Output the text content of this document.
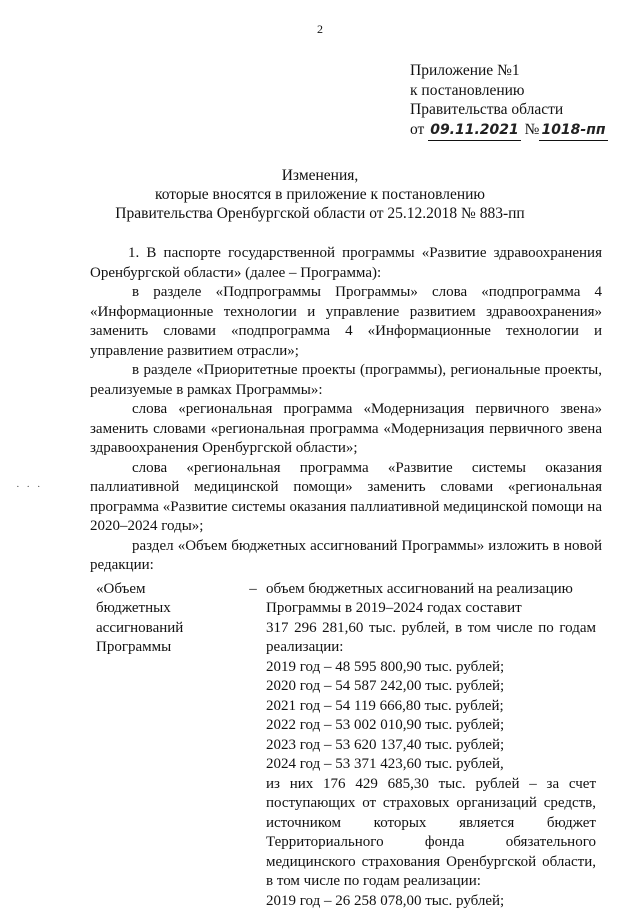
2
Приложение №1
к постановлению
Правительства области
от 09.11.2021 № 1018-пп
Изменения,
которые вносятся в приложение к постановлению
Правительства Оренбургской области от 25.12.2018 № 883-пп
· · ·

1. В паспорте государственной программы «Развитие здравоохранения Оренбургской области» (далее – Программа):

в разделе «Подпрограммы Программы» слова «подпрограмма 4 «Информационные технологии и управление развитием здравоохранения» заменить словами «подпрограмма 4 «Информационные технологии и управление развитием отрасли»;

в разделе «Приоритетные проекты (программы), региональные проекты, реализуемые в рамках Программы»:

слова «региональная программа «Модернизация первичного звена» заменить словами «региональная программа «Модернизация первичного звена здравоохранения Оренбургской области»;

слова «региональная программа «Развитие системы оказания паллиативной медицинской помощи» заменить словами «региональная программа «Развитие системы оказания паллиативной медицинской помощи на 2020–2024 годы»;

раздел «Объем бюджетных ассигнований Программы» изложить в новой редакции:

«Объем
бюджетных
ассигнований
Программы
– объем бюджетных ассигнований на реализацию

Программы в 2019–2024 годах составит

317 296 281,60 тыс. рублей, в том числе по годам реализации:

2019 год – 48 595 800,90 тыс. рублей;

2020 год – 54 587 242,00 тыс. рублей;

2021 год – 54 119 666,80 тыс. рублей;

2022 год – 53 002 010,90 тыс. рублей;

2023 год – 53 620 137,40 тыс. рублей;

2024 год – 53 371 423,60 тыс. рублей,

из них 176 429 685,30 тыс. рублей – за счет поступающих от страховых организаций средств, источником которых является бюджет Территориального фонда обязательного медицинского страхования Оренбургской области, в том числе по годам реализации:

2019 год – 26 258 078,00 тыс. рублей;
